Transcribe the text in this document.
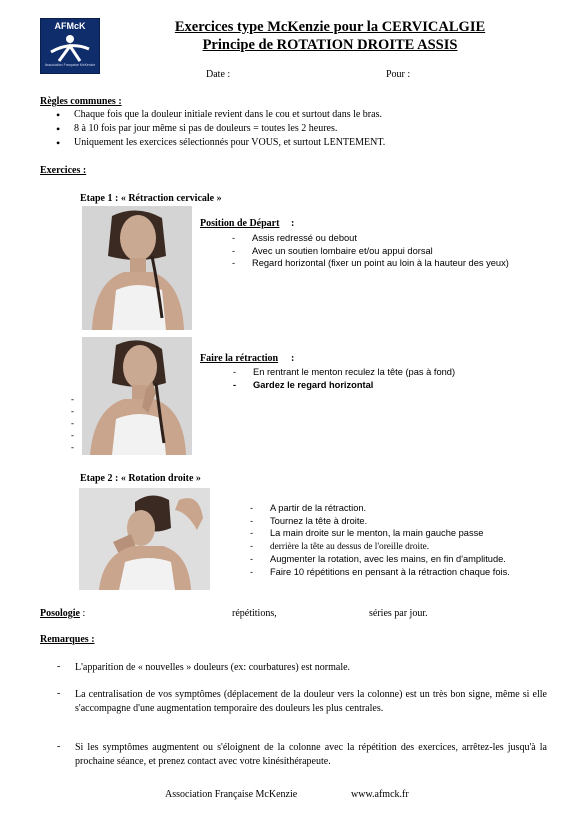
AFMcK
Association Française McKenzie
Exercices type McKenzie pour la CERVICALGIE
Principe de ROTATION DROITE ASSIS
Date :	Pour :
Règles communes :
• Chaque fois que la douleur initiale revient dans le cou et surtout dans le bras.
• 8 à 10 fois par jour même si pas de douleurs = toutes les 2 heures.
• Uniquement les exercices sélectionnés pour VOUS, et surtout LENTEMENT.
Exercices :
Etape 1 : « Rétraction cervicale »
Position de Départ :
- Assis redressé ou debout
- Avec un soutien lombaire et/ou appui dorsal
- Regard horizontal (fixer un point au loin à la hauteur des yeux)
Faire la rétraction :
- En rentrant le menton reculez la tête (pas à fond)
- Gardez le regard horizontal
-
-
-
-
-
Etape 2 : « Rotation droite »
- A partir de la rétraction.
- Tournez la tête à droite.
- La main droite sur le menton, la main gauche passe
- derrière la tête au dessus de l'oreille droite.
- Augmenter la rotation, avec les mains, en fin d'amplitude.
- Faire 10 répétitions en pensant à la rétraction chaque fois.
Posologie :	répétitions,	séries par jour.
Remarques :
- L'apparition de « nouvelles » douleurs (ex: courbatures) est normale.
- La centralisation de vos symptômes (déplacement de la douleur vers la colonne) est un très bon signe, même si elle s'accompagne d'une augmentation temporaire des douleurs les plus centrales.
- Si les symptômes augmentent ou s'éloignent de la colonne avec la répétition des exercices, arrêtez-les jusqu'à la prochaine séance, et prenez contact avec votre kinésithérapeute.
Association Française McKenzie	www.afmck.fr
